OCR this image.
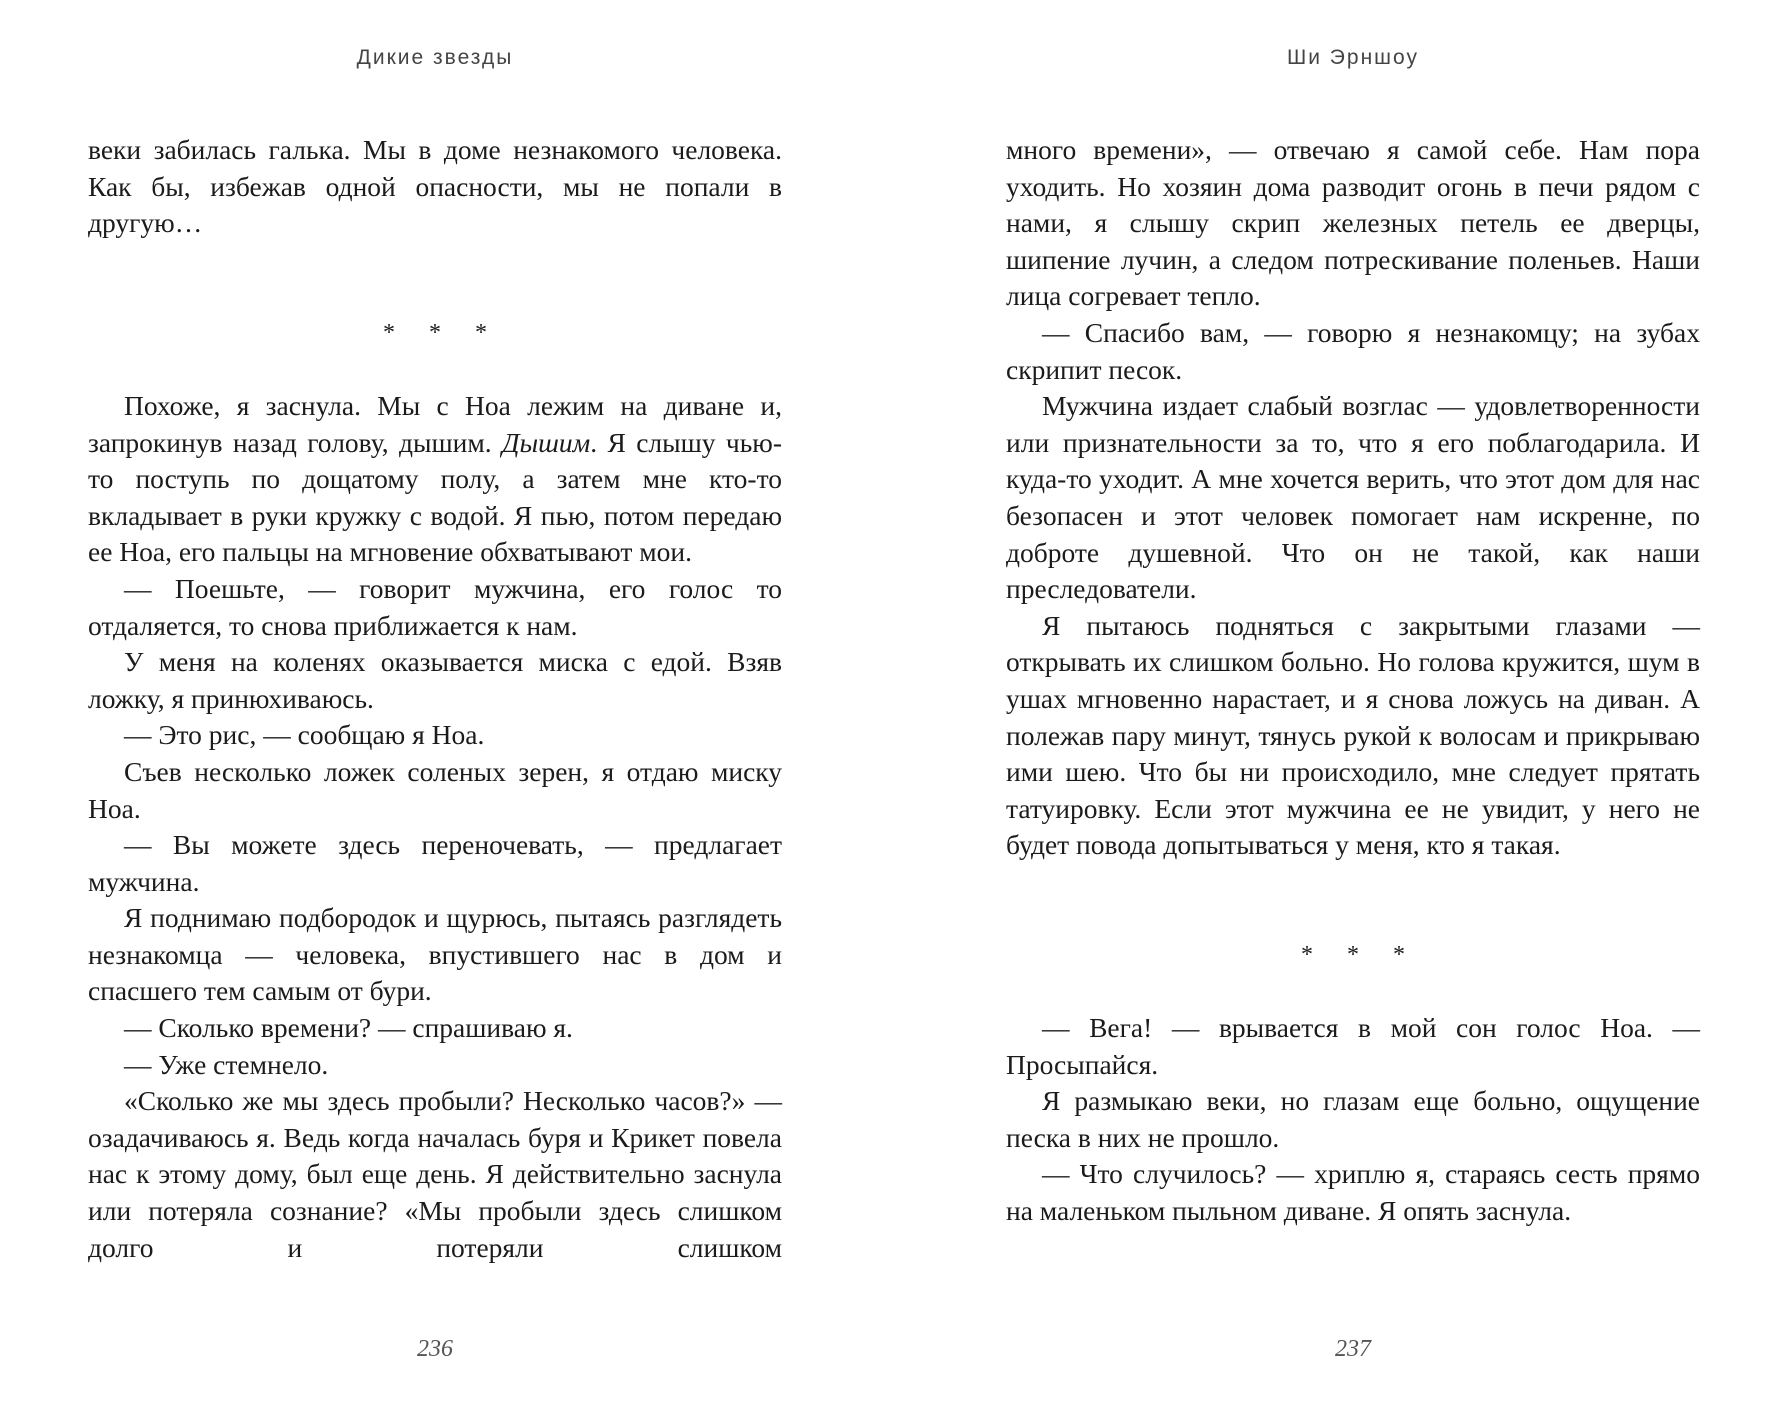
Дикие звезды

веки забилась галька. Мы в доме незнакомого человека. Как бы, избежав одной опасности, мы не попали в другую…

* * *

Похоже, я заснула. Мы с Ноа лежим на диване и, запрокинув назад голову, дышим. Дышим. Я слышу чью-то поступь по дощатому полу, а затем мне кто-то вкладывает в руки кружку с водой. Я пью, потом передаю ее Ноа, его пальцы на мгновение обхватывают мои.

— Поешьте, — говорит мужчина, его голос то отдаляется, то снова приближается к нам.

У меня на коленях оказывается миска с едой. Взяв ложку, я принюхиваюсь.

— Это рис, — сообщаю я Ноа.

Съев несколько ложек соленых зерен, я отдаю миску Ноа.

— Вы можете здесь переночевать, — предлагает мужчина.

Я поднимаю подбородок и щурюсь, пытаясь разглядеть незнакомца — человека, впустившего нас в дом и спасшего тем самым от бури.

— Сколько времени? — спрашиваю я.

— Уже стемнело.

«Сколько же мы здесь пробыли? Несколько часов?» — озадачиваюсь я. Ведь когда началась буря и Крикет повела нас к этому дому, был еще день. Я действительно заснула или потеряла сознание? «Мы пробыли здесь слишком долго и потеряли слишком

236
Ши Эрншоу

много времени», — отвечаю я самой себе. Нам пора уходить. Но хозяин дома разводит огонь в печи рядом с нами, я слышу скрип железных петель ее дверцы, шипение лучин, а следом потрескивание поленьев. Наши лица согревает тепло.

— Спасибо вам, — говорю я незнакомцу; на зубах скрипит песок.

Мужчина издает слабый возглас — удовлетворенности или признательности за то, что я его поблагодарила. И куда-то уходит. А мне хочется верить, что этот дом для нас безопасен и этот человек помогает нам искренне, по доброте душевной. Что он не такой, как наши преследователи.

Я пытаюсь подняться с закрытыми глазами — открывать их слишком больно. Но голова кружится, шум в ушах мгновенно нарастает, и я снова ложусь на диван. А полежав пару минут, тянусь рукой к волосам и прикрываю ими шею. Что бы ни происходило, мне следует прятать татуировку. Если этот мужчина ее не увидит, у него не будет повода допытываться у меня, кто я такая.

* * *

— Вега! — врывается в мой сон голос Ноа. — Просыпайся.

Я размыкаю веки, но глазам еще больно, ощущение песка в них не прошло.

— Что случилось? — хриплю я, стараясь сесть прямо на маленьком пыльном диване. Я опять заснула.

237
